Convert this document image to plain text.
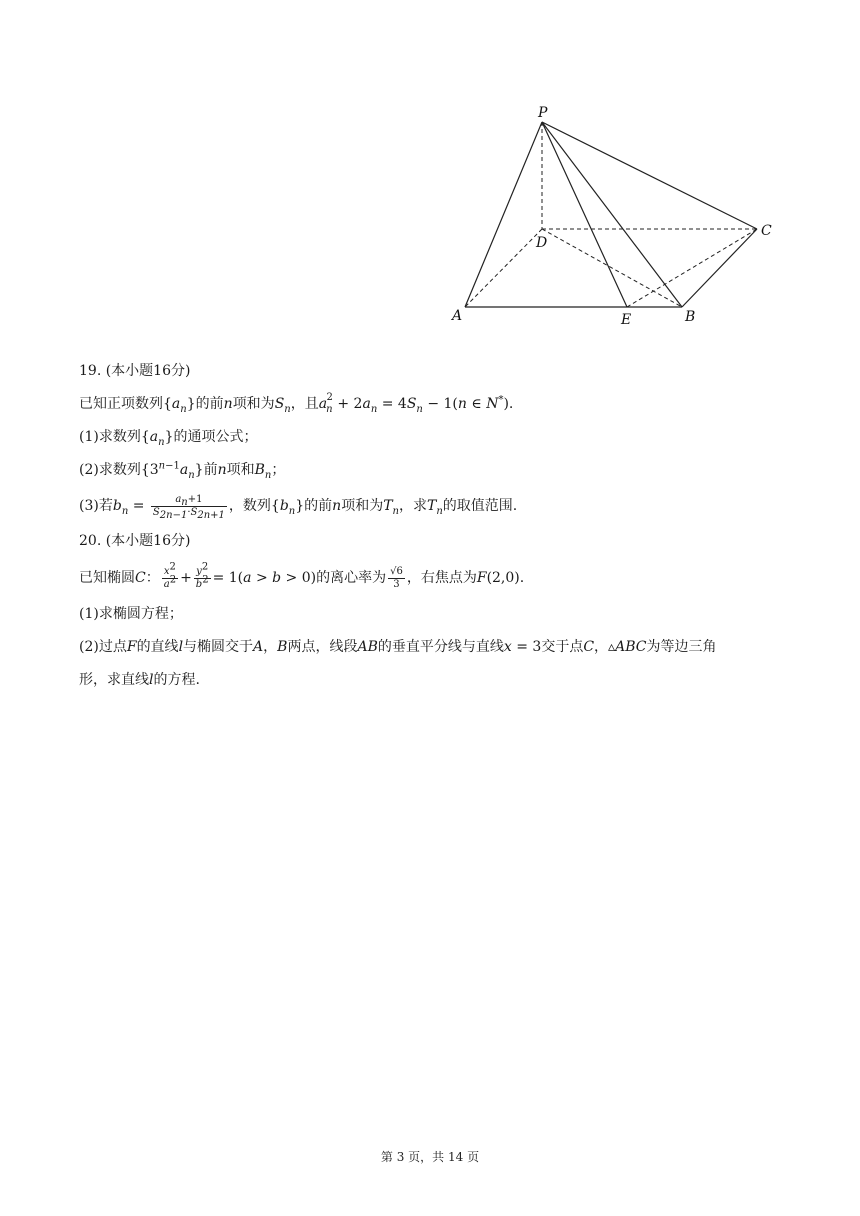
P
D
C
A	E	B
19. (本小题16分)
已知正项数列$\{a_n\}$的前n项和为$S_n$，且$a_n^2 + 2a_n = 4S_n - 1(n$ ∈ N*).
(1)求数列$\{a_n\}$的通项公式；
(2)求数列$\{3^{n-1}a_n\}$前n项和$B_n$；
(3)若$b_n = \frac{a_n+1}{S_{2n-1}\cdot S_{2n+1}}$ ，数列$\{b_n\}$的前n项和为$T_n$，求$T_n$的取值范围.
20. (本小题16分)
已知椭圆C： $\frac{x^2}{a^2} + \frac{y^2}{b^2} = 1(a > b > 0)$的离心率为 $\frac{√6}{3}$ ，右焦点为F(2,0).
(1)求椭圆方程；
(2)过点F的直线l与椭圆交于A，B两点，线段AB的垂直平分线与直线x = 3交于点C，▵ABC为等边三角
形，求直线l的方程.
第 3 页，共 14 页
